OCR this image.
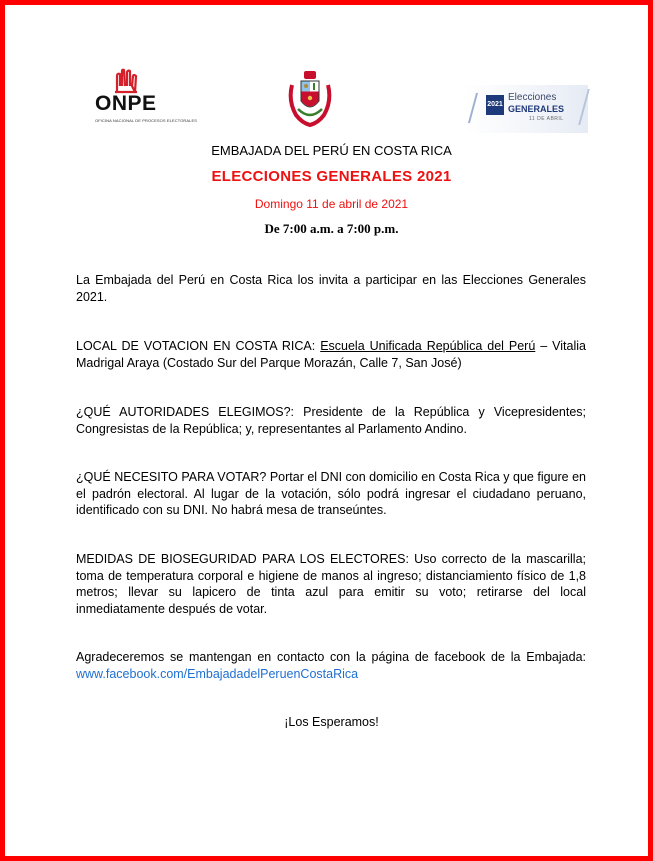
ONPE
OFICINA NACIONAL DE PROCESOS ELECTORALES
2021
Elecciones
GENERALES
11 DE ABRIL
EMBAJADA DEL PERÚ EN COSTA RICA
ELECCIONES GENERALES 2021
Domingo 11 de abril de 2021
De 7:00 a.m. a 7:00 p.m.

La Embajada del Perú en Costa Rica los invita a participar en las Elecciones Generales 2021.

LOCAL DE VOTACION EN COSTA RICA: Escuela Unificada República del Perú – Vitalia Madrigal Araya (Costado Sur del Parque Morazán, Calle 7, San José)

¿QUÉ AUTORIDADES ELEGIMOS?: Presidente de la República y Vicepresidentes; Congresistas de la República; y, representantes al Parlamento Andino.

¿QUÉ NECESITO PARA VOTAR? Portar el DNI con domicilio en Costa Rica y que figure en el padrón electoral. Al lugar de la votación, sólo podrá ingresar el ciudadano peruano, identificado con su DNI. No habrá mesa de transeúntes.

MEDIDAS DE BIOSEGURIDAD PARA LOS ELECTORES: Uso correcto de la mascarilla; toma de temperatura corporal e higiene de manos al ingreso; distanciamiento físico de 1,8 metros; llevar su lapicero de tinta azul para emitir su voto; retirarse del local inmediatamente después de votar.

Agradeceremos se mantengan en contacto con la página de facebook de la Embajada: www.facebook.com/EmbajadadelPeruenCostaRica

¡Los Esperamos!
